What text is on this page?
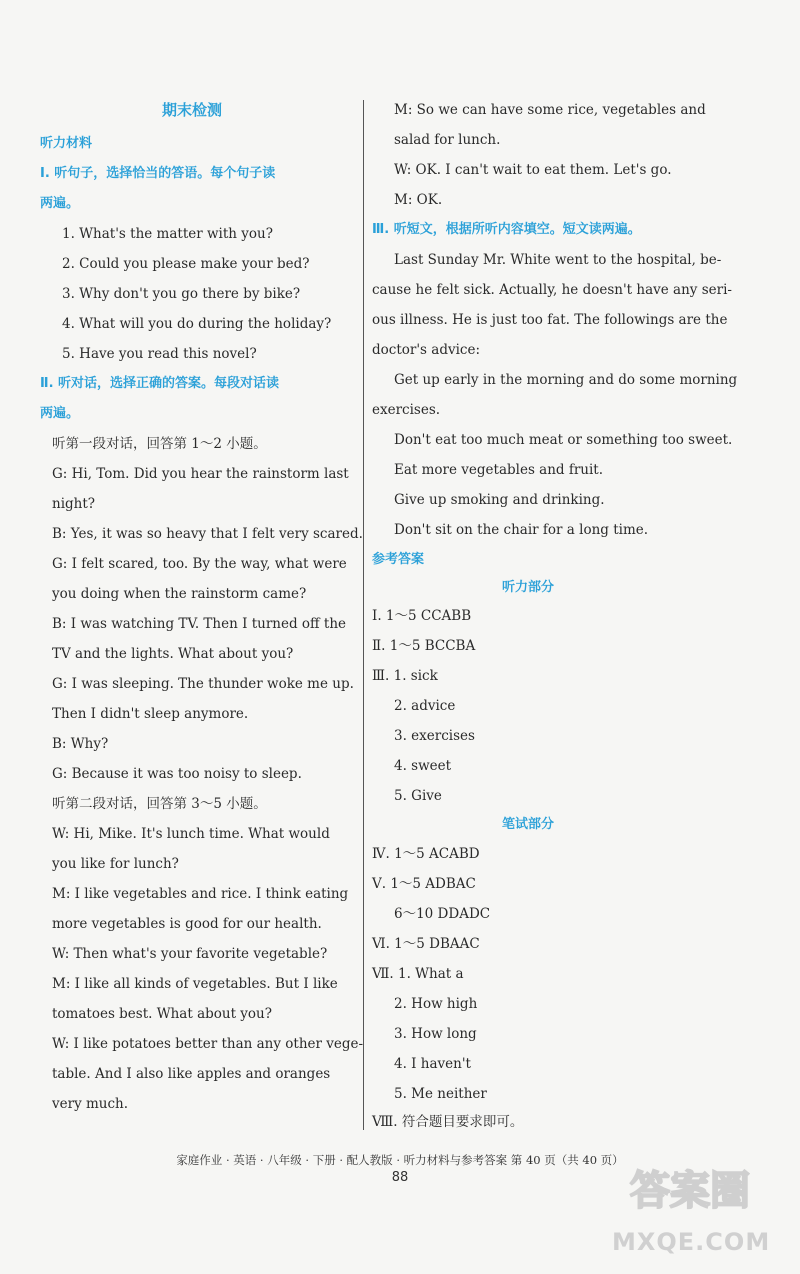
期末检测
听力材料
Ⅰ. 听句子，选择恰当的答语。每个句子读
两遍。
1. What's the matter with you?
2. Could you please make your bed?
3. Why don't you go there by bike?
4. What will you do during the holiday?
5. Have you read this novel?
Ⅱ. 听对话，选择正确的答案。每段对话读
两遍。
听第一段对话，回答第 1～2 小题。
G: Hi, Tom. Did you hear the rainstorm last
night?
B: Yes, it was so heavy that I felt very scared.
G: I felt scared, too. By the way, what were
you doing when the rainstorm came?
B: I was watching TV. Then I turned off the
TV and the lights. What about you?
G: I was sleeping. The thunder woke me up.
Then I didn't sleep anymore.
B: Why?
G: Because it was too noisy to sleep.
听第二段对话，回答第 3～5 小题。
W: Hi, Mike. It's lunch time. What would
you like for lunch?
M: I like vegetables and rice. I think eating
more vegetables is good for our health.
W: Then what's your favorite vegetable?
M: I like all kinds of vegetables. But I like
tomatoes best. What about you?
W: I like potatoes better than any other vege-
table. And I also like apples and oranges
very much.
M: So we can have some rice, vegetables and
salad for lunch.
W: OK. I can't wait to eat them. Let's go.
M: OK.
Ⅲ. 听短文，根据所听内容填空。短文读两遍。
Last Sunday Mr. White went to the hospital, be-
cause he felt sick. Actually, he doesn't have any seri-
ous illness. He is just too fat. The followings are the
doctor's advice:
Get up early in the morning and do some morning
exercises.
Don't eat too much meat or something too sweet.
Eat more vegetables and fruit.
Give up smoking and drinking.
Don't sit on the chair for a long time.
参考答案
听力部分
Ⅰ. 1～5 CCABB
Ⅱ. 1～5 BCCBA
Ⅲ. 1. sick
2. advice
3. exercises
4. sweet
5. Give
笔试部分
Ⅳ. 1～5 ACABD
Ⅴ. 1～5 ADBAC
6～10 DDADC
Ⅵ. 1～5 DBAAC
Ⅶ. 1. What a
2. How high
3. How long
4. I haven't
5. Me neither
Ⅷ. 符合题目要求即可。
家庭作业 · 英语 · 八年级 · 下册 · 配人教版 · 听力材料与参考答案 第 40 页（共 40 页）
88	答案圈
MXQE.COM
